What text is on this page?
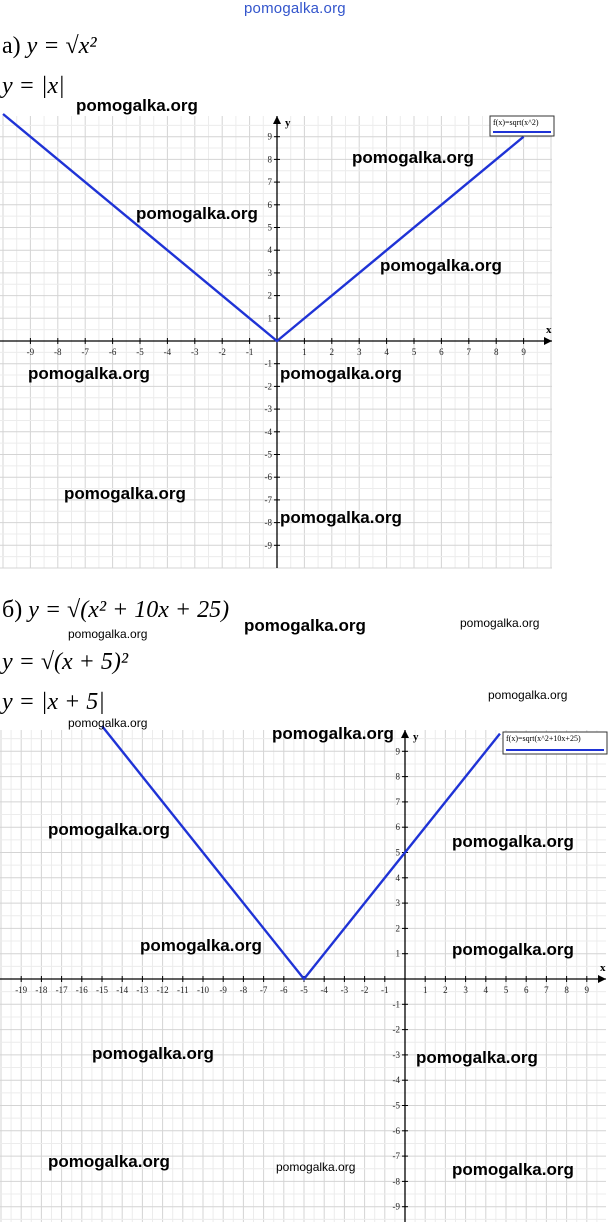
pomogalka.org
а) y = √x²
y = |x|
x
y
-9 -8 -7 -6 -5 -4 -3 -2 -1	1	2	3	4	5	6	7	8	9
-9
-8
-7
-6
-5
-4
-3
-2
-1
1
2
3
4
5
6
7
8
9
f(x)=sqrt(x^2)
б) y = √(x² + 10x + 25)
y = √(x + 5)²
y = |x + 5|
x
y
-19 -18 -17 -16 -15 -14 -13 -12 -11 -10 -9 -8 -7 -6 -5 -4 -3 -2 -1	1 2 3 4 5 6 7 8 9
-9
-8
-7
-6
-5
-4
-3
-2
-1
1
2
3
4
5
6
7
8
9
f(x)=sqrt(x^2+10x+25)
pomogalka.org
pomogalka.org
pomogalka.org
pomogalka.org
pomogalka.org	pomogalka.org
pomogalka.org
pomogalka.org
pomogalka.org	pomogalka.org
pomogalka.org
pomogalka.org
pomogalka.org
pomogalka.org
pomogalka.org
pomogalka.org
pomogalka.org	pomogalka.org
pomogalka.org	pomogalka.org
pomogalka.org	pomogalka.org	pomogalka.org
